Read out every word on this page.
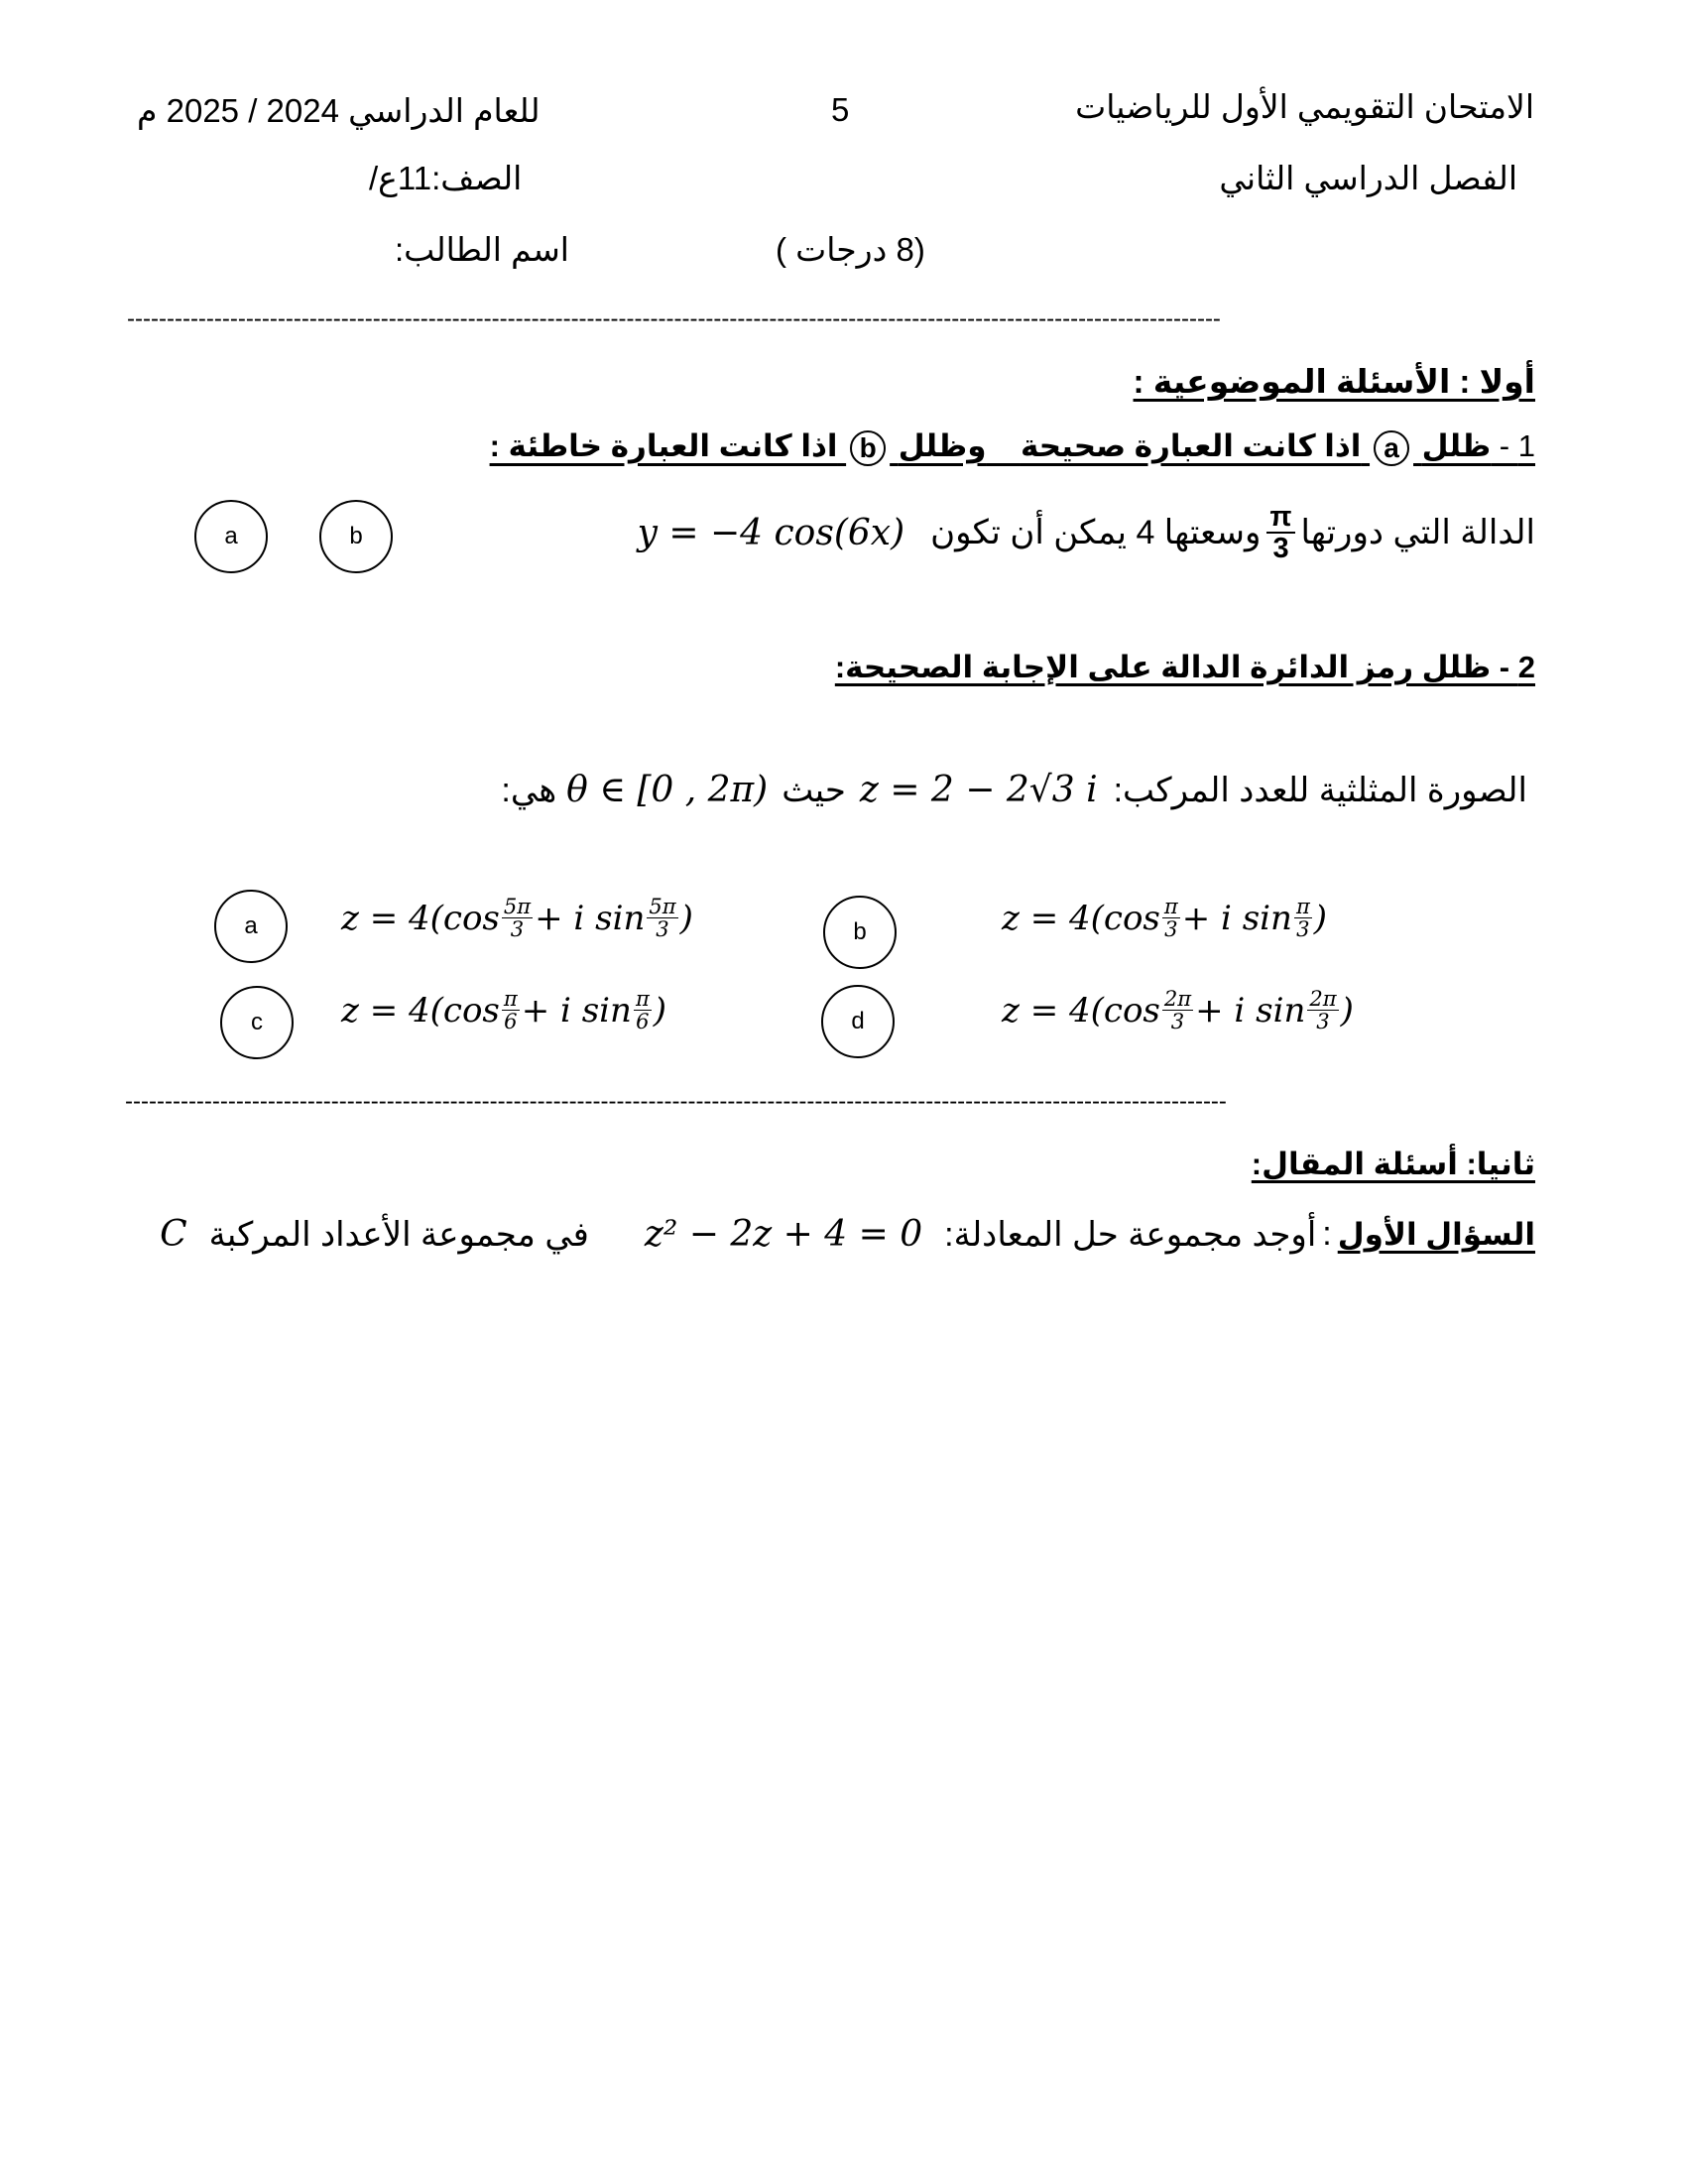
الامتحان التقويمي الأول للرياضيات
5
للعام الدراسي 2024 / 2025 م
الفصل الدراسي الثاني
الصف:11ع/
(8 درجات )
اسم الطالب:
------------------------------------------------------------------------------------------------------------------------------------------
أولا : الأسئلة الموضوعية :
1 - ظلل a اذا كانت العبارة صحيحة    وظلل b اذا كانت العبارة خاطئة :
الدالة التي دورتها
$\frac{\pi}{3}$
وسعتها 4 يمكن أن تكون
y = −4 cos(6x)
a	b
2 - ظلل رمز الدائرة الدالة على الإجابة الصحيحة:
الصورة المثلثية للعدد المركب:
z = 2 − 2√3 i
حيث
θ ∈ [0 , 2π)
هي:
a	$z = 4(\cos \frac{5\pi}{3} + i$ $\sin \frac{5\pi}{3}$ )	b	$z = 4(\cos \frac{\pi}{3} + i$ $\sin \frac{\pi}{3}$ )
c	$z = 4(\cos \frac{\pi}{6} + i$ $\sin \frac{\pi}{6}$ )	d	$z = 4(\cos \frac{2\pi}{3} + i$ $\sin \frac{2\pi}{3}$ )
-------------------------------------------------------------------------------------------------------------------------------------------
ثانيا: أسئلة المقال:
السؤال الأول
:
أوجد مجموعة حل المعادلة:
z² − 2z + 4 = 0
في مجموعة الأعداد المركبة
C
